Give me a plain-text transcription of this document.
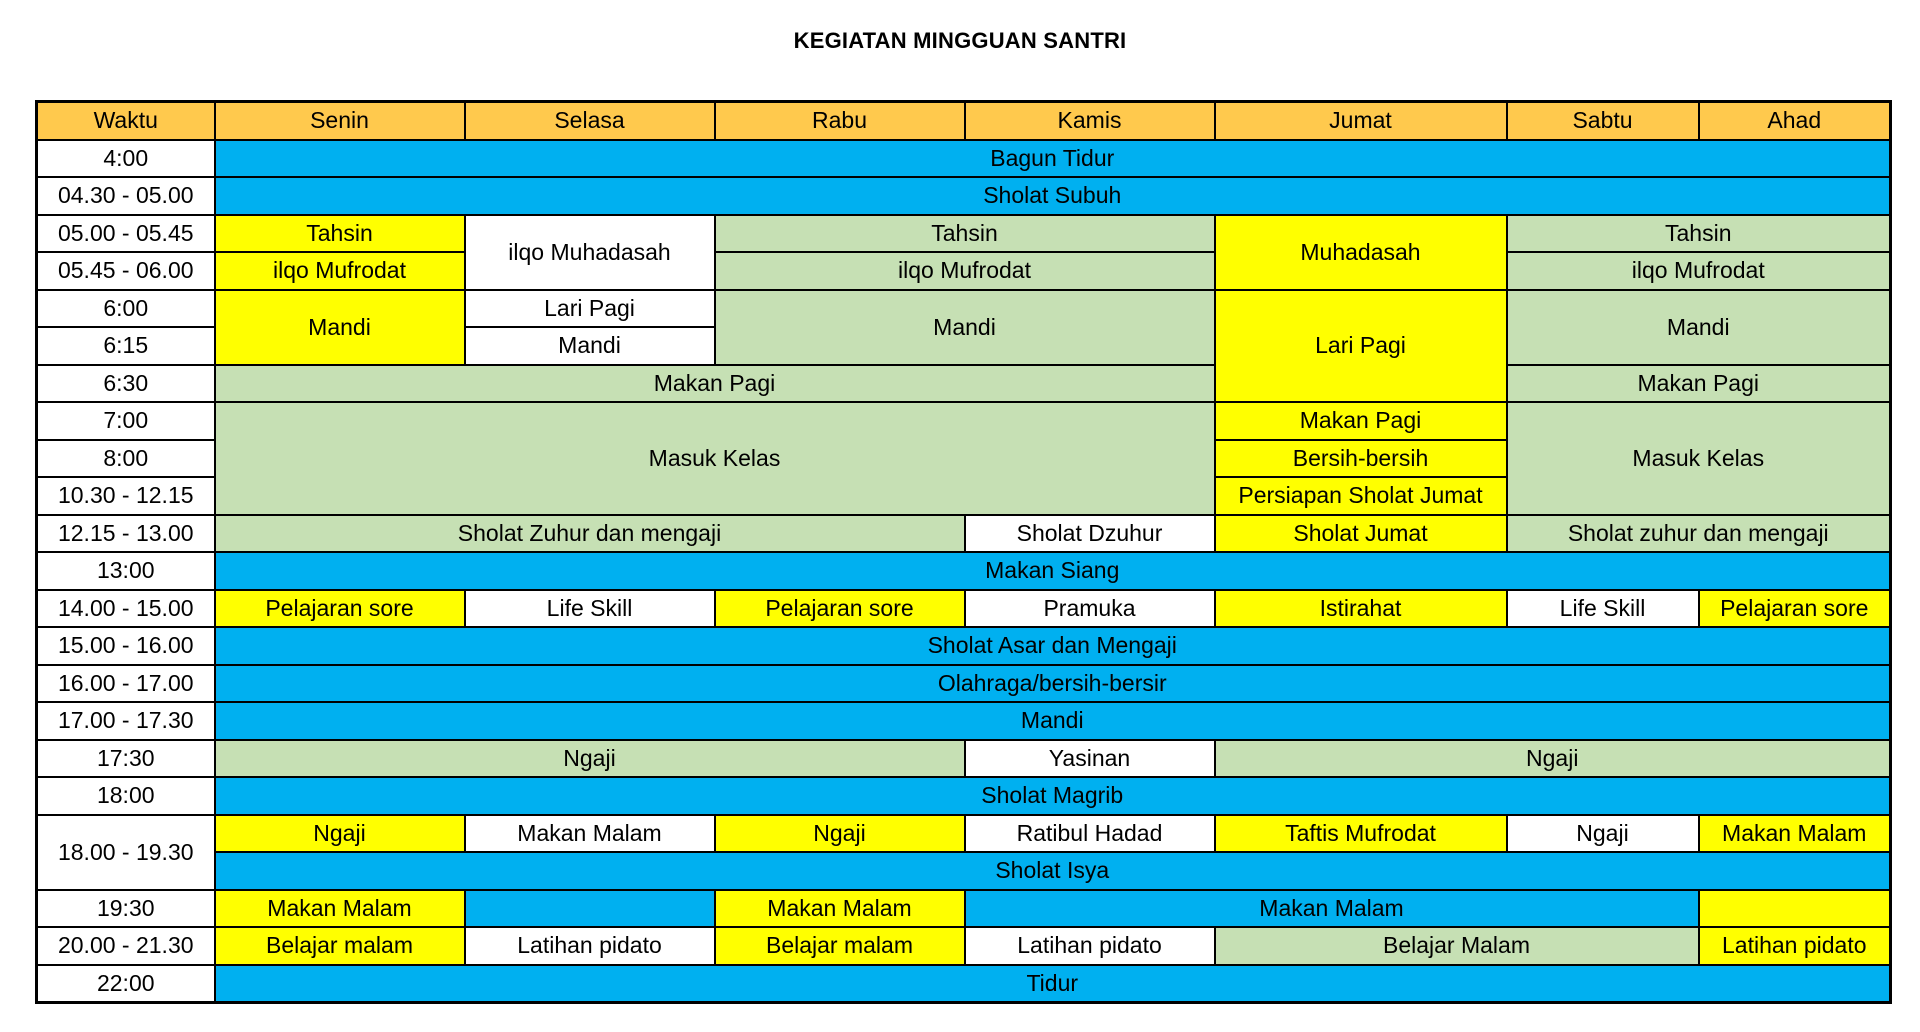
KEGIATAN MINGGUAN SANTRI
Waktu	Senin	Selasa	Rabu	Kamis	Jumat	Sabtu	Ahad
4:00	Bagun Tidur						
04.30 - 05.00	Sholat Subuh						
05.00 - 05.45	Tahsin	ilqo Muhadasah	Tahsin		Muhadasah	Tahsin	
05.45 - 06.00	ilqo Mufrodat		ilqo Mufrodat			ilqo Mufrodat	
6:00	Mandi	Lari Pagi	Mandi		Lari Pagi	Mandi	
6:15		Mandi					
6:30	Makan Pagi					Makan Pagi	
7:00	Masuk Kelas				Makan Pagi	Masuk Kelas	
8:00					Bersih-bersih		
10.30 - 12.15					Persiapan Sholat Jumat		
12.15 - 13.00	Sholat Zuhur dan mengaji			Sholat Dzuhur	Sholat Jumat	Sholat zuhur dan mengaji	
13:00	Makan Siang						
14.00 - 15.00	Pelajaran sore	Life Skill	Pelajaran sore	Pramuka	Istirahat	Life Skill	Pelajaran sore
15.00 - 16.00	Sholat Asar dan Mengaji						
16.00 - 17.00	Olahraga/bersih-bersir						
17.00 - 17.30	Mandi						
17:30	Ngaji			Yasinan	Ngaji		
18:00	Sholat Magrib						
18.00 - 19.30	Ngaji	Makan Malam	Ngaji	Ratibul Hadad	Taftis Mufrodat	Ngaji	Makan Malam
	Sholat Isya						
19:30	Makan Malam		Makan Malam	Makan Malam			
20.00 - 21.30	Belajar malam	Latihan pidato	Belajar malam	Latihan pidato	Belajar Malam		Latihan pidato
22:00	Tidur						
